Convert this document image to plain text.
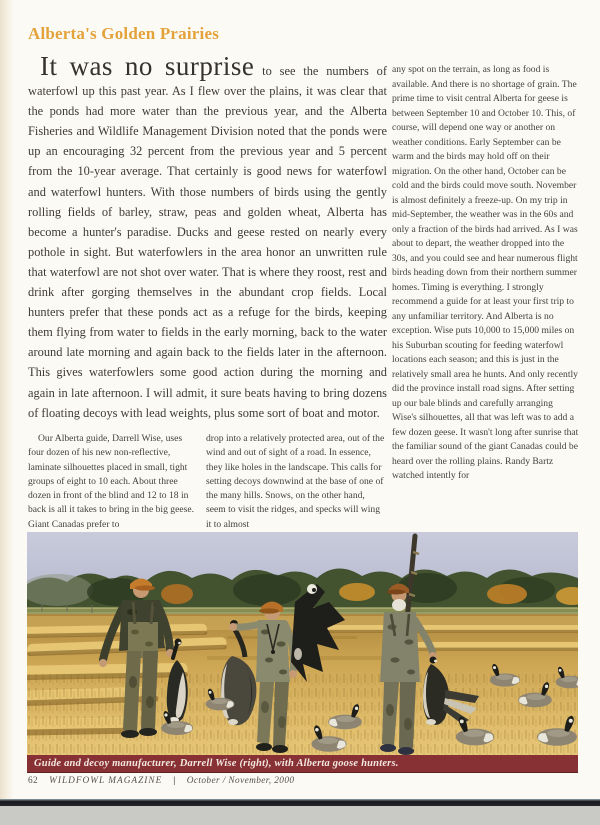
Alberta's Golden Prairies
It was no surprise to see the numbers of waterfowl up this past year. As I flew over the plains, it was clear that the ponds had more water than the previous year, and the Alberta Fisheries and Wildlife Management Division noted that the ponds were up an encouraging 32 percent from the previous year and 5 percent from the 10-year average. That certainly is good news for waterfowl and waterfowl hunters. With those numbers of birds using the gently rolling fields of barley, straw, peas and golden wheat, Alberta has become a hunter's paradise. Ducks and geese rested on nearly every pothole in sight. But waterfowlers in the area honor an unwritten rule that waterfowl are not shot over water. That is where they roost, rest and drink after gorging themselves in the abundant crop fields. Local hunters prefer that these ponds act as a refuge for the birds, keeping them flying from water to fields in the early morning, back to the water around late morning and again back to the fields later in the afternoon. This gives waterfowlers some good action during the morning and again in late afternoon. I will admit, it sure beats having to bring dozens of floating decoys with lead weights, plus some sort of boat and motor.
Our Alberta guide, Darrell Wise, uses four dozen of his new non-reflective, laminate silhouettes placed in small, tight groups of eight to 10 each. About three dozen in front of the blind and 12 to 18 in back is all it takes to bring in the big geese. Giant Canadas prefer to
drop into a relatively protected area, out of the wind and out of sight of a road. In essence, they like holes in the landscape. This calls for setting decoys downwind at the base of one of the many hills. Snows, on the other hand, seem to visit the ridges, and specks will wing it to almost
any spot on the terrain, as long as food is available. And there is no shortage of grain. The prime time to visit central Alberta for geese is between September 10 and October 10. This, of course, will depend one way or another on weather conditions. Early September can be warm and the birds may hold off on their migration. On the other hand, October can be cold and the birds could move south. November is almost definitely a freeze-up. On my trip in mid-September, the weather was in the 60s and only a fraction of the birds had arrived. As I was about to depart, the weather dropped into the 30s, and you could see and hear numerous flight birds heading down from their northern summer homes. Timing is everything. I strongly recommend a guide for at least your first trip to any unfamiliar territory. And Alberta is no exception. Wise puts 10,000 to 15,000 miles on his Suburban scouting for feeding waterfowl locations each season; and this is just in the relatively small area he hunts. And only recently did the province install road signs. After setting up our bale blinds and carefully arranging Wise's silhouettes, all that was left was to add a few dozen geese. It wasn't long after sunrise that the familiar sound of the giant Canadas could be heard over the rolling plains. Randy Bartz watched intently for
Guide and decoy manufacturer, Darrell Wise (right), with Alberta goose hunters.
62 WILDFOWL MAGAZINE | October / November, 2000
